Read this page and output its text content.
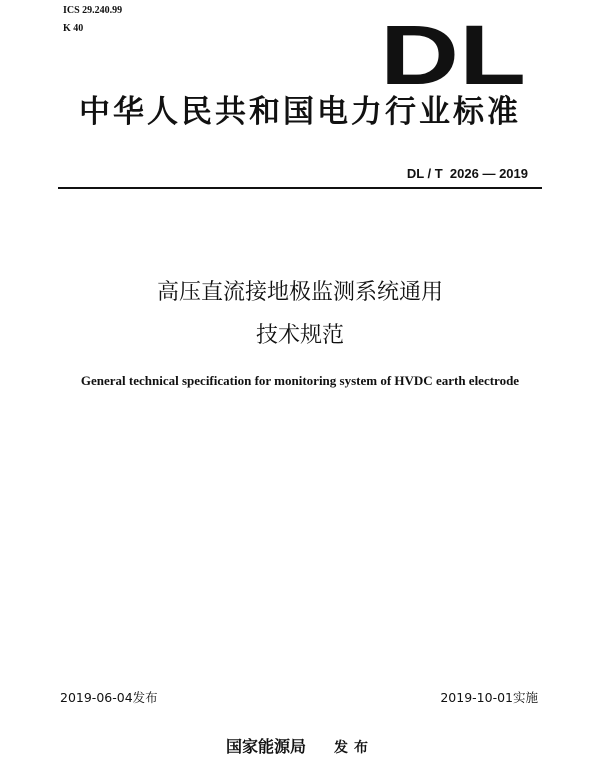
ICS 29.240.99
K 40	DL
中华人民共和国电力行业标准
DL / T  2026 — 2019
高压直流接地极监测系统通用
技术规范
General technical specification for monitoring system of HVDC earth electrode
2019-06-04发布	2019-10-01实施
国家能源局 发布
